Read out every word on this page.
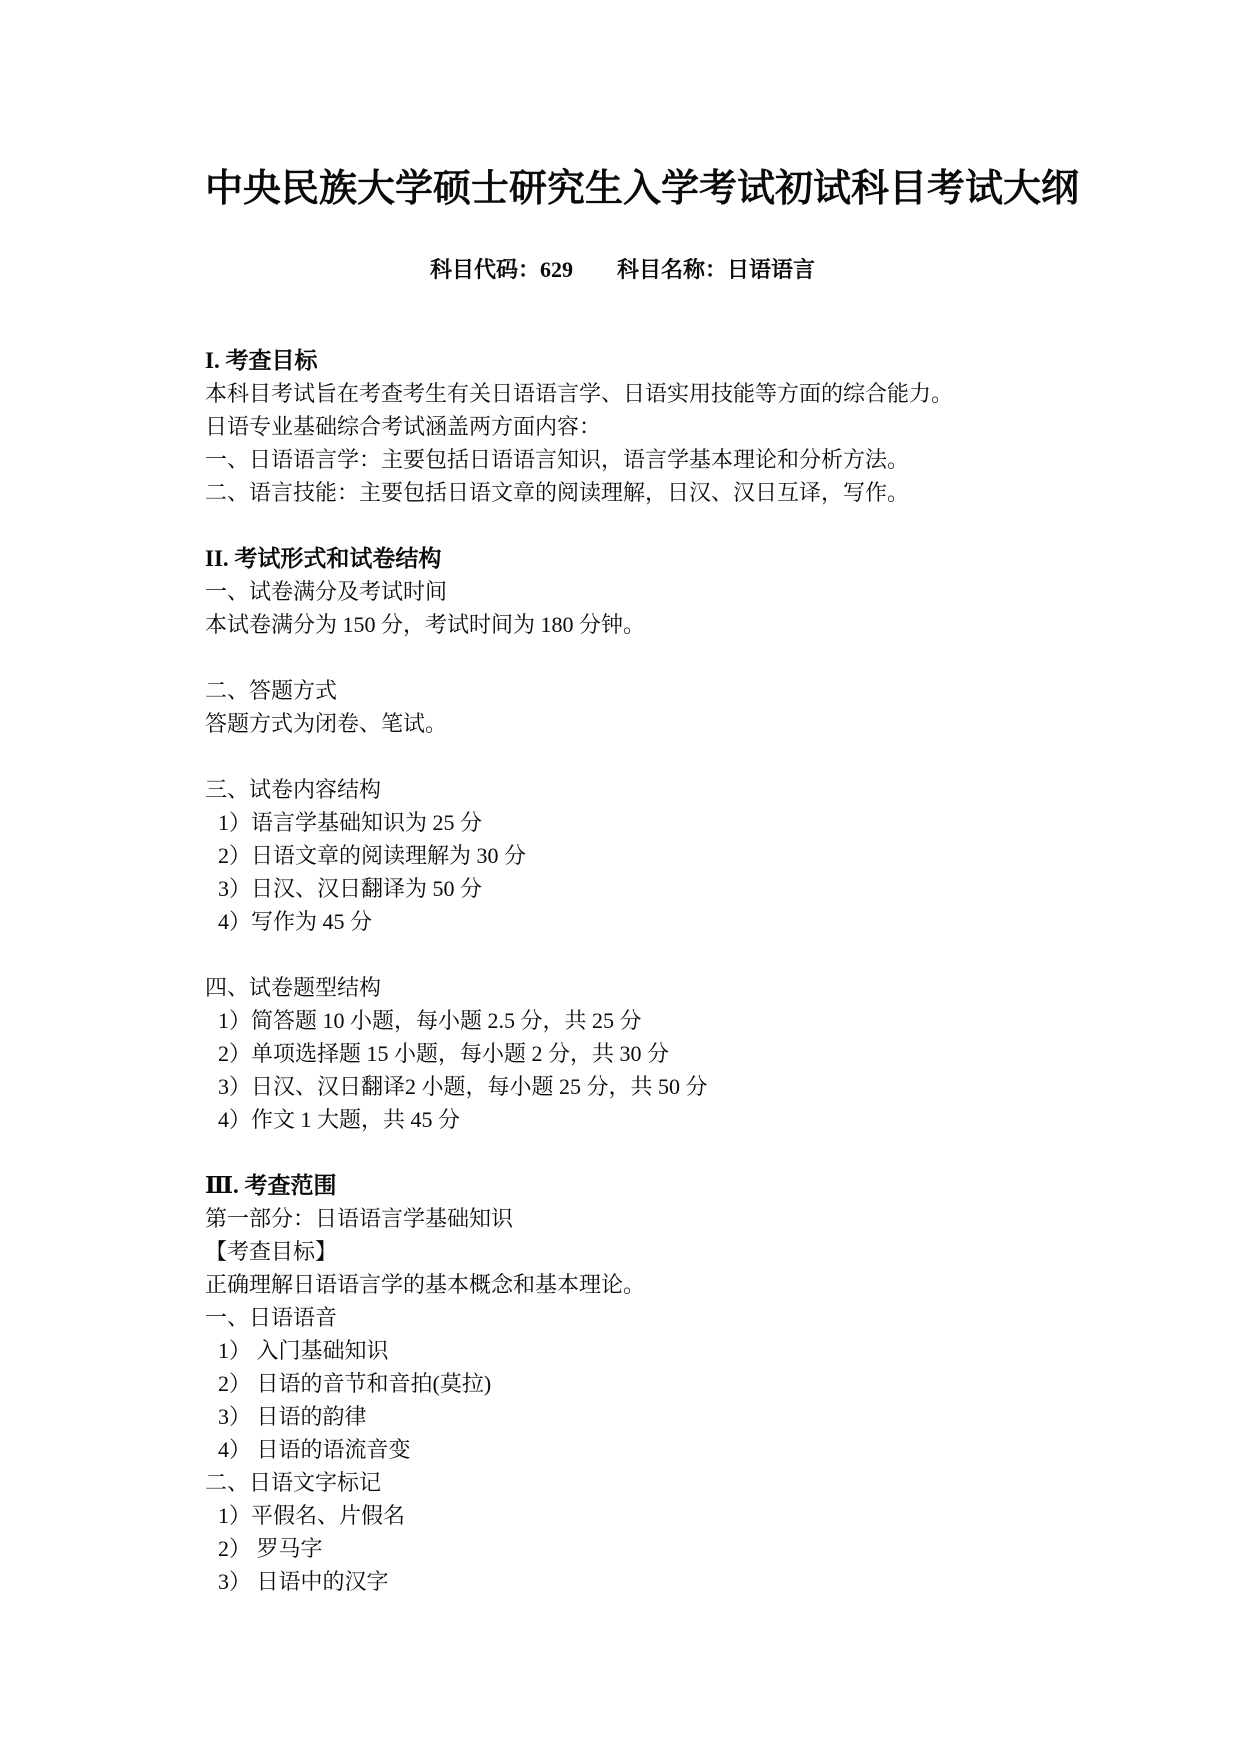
中央民族大学硕士研究生入学考试初试科目考试大纲
科目代码：629　　科目名称：日语语言
I. 考查目标
本科目考试旨在考查考生有关日语语言学、日语实用技能等方面的综合能力。
日语专业基础综合考试涵盖两方面内容：
一、日语语言学：主要包括日语语言知识，语言学基本理论和分析方法。
二、语言技能：主要包括日语文章的阅读理解，日汉、汉日互译，写作。
II. 考试形式和试卷结构
一、试卷满分及考试时间
本试卷满分为 150 分，考试时间为 180 分钟。
二、答题方式
答题方式为闭卷、笔试。
三、试卷内容结构
1）语言学基础知识为 25 分
2）日语文章的阅读理解为 30 分
3）日汉、汉日翻译为 50 分
4）写作为 45 分
四、试卷题型结构
1）简答题 10 小题，每小题 2.5 分，共 25 分
2）单项选择题 15 小题，每小题 2 分，共 30 分
3）日汉、汉日翻译2 小题，每小题 25 分，共 50 分
4）作文 1 大题，共 45 分
Ⅲ. 考查范围
第一部分：日语语言学基础知识
【考查目标】
正确理解日语语言学的基本概念和基本理论。
一、日语语音
1） 入门基础知识
2） 日语的音节和音拍(莫拉)
3） 日语的韵律
4） 日语的语流音变
二、日语文字标记
1）平假名、片假名
2） 罗马字
3） 日语中的汉字
